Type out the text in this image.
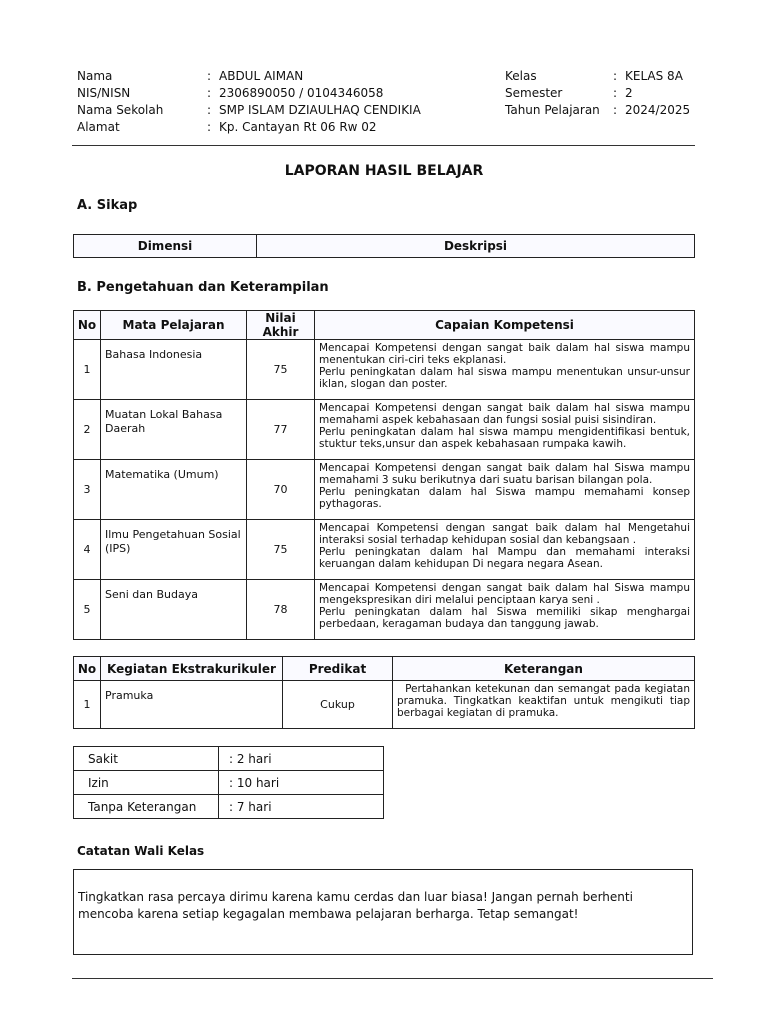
Nama	: ABDUL AIMAN
NIS/NISN	: 2306890050 / 0104346058
Nama Sekolah	: SMP ISLAM DZIAULHAQ CENDIKIA
Alamat	: Kp. Cantayan Rt 06 Rw 02
Kelas	: KELAS 8A
Semester	: 2
Tahun Pelajaran : 2024/2025
LAPORAN HASIL BELAJAR
A. Sikap
Dimensi	Deskripsi
B. Pengetahuan dan Keterampilan
No	Mata Pelajaran	Nilai Akhir	Capaian Kompetensi
1	Bahasa Indonesia	75	Mencapai Kompetensi dengan sangat baik dalam hal siswa mampu menentukan ciri-ciri teks ekplanasi.
Perlu peningkatan dalam hal siswa mampu menentukan unsur-unsur iklan, slogan dan poster.
2	Muatan Lokal Bahasa Daerah	77	Mencapai Kompetensi dengan sangat baik dalam hal siswa mampu memahami aspek kebahasaan dan fungsi sosial puisi sisindiran.
Perlu peningkatan dalam hal siswa mampu mengidentifikasi bentuk, stuktur teks,unsur dan aspek kebahasaan rumpaka kawih.
3	Matematika (Umum)	70	Mencapai Kompetensi dengan sangat baik dalam hal Siswa mampu memahami 3 suku berikutnya dari suatu barisan bilangan pola.
Perlu peningkatan dalam hal Siswa mampu memahami konsep pythagoras.
4	Ilmu Pengetahuan Sosial (IPS)	75	Mencapai Kompetensi dengan sangat baik dalam hal Mengetahui interaksi sosial terhadap kehidupan sosial dan kebangsaan .
Perlu peningkatan dalam hal Mampu dan memahami interaksi keruangan dalam kehidupan Di negara negara Asean.
5	Seni dan Budaya	78	Mencapai Kompetensi dengan sangat baik dalam hal Siswa mampu mengekspresikan diri melalui penciptaan karya seni .
Perlu peningkatan dalam hal Siswa memiliki sikap menghargai perbedaan, keragaman budaya dan tanggung jawab.
No	Kegiatan Ekstrakurikuler	Predikat	Keterangan
1	Pramuka	Cukup	Pertahankan ketekunan dan semangat pada kegiatan pramuka. Tingkatkan keaktifan untuk mengikuti tiap berbagai kegiatan di pramuka.
Sakit	: 2 hari
Izin	: 10 hari
Tanpa Keterangan	: 7 hari
Catatan Wali Kelas
Tingkatkan rasa percaya dirimu karena kamu cerdas dan luar biasa! Jangan pernah berhenti mencoba karena setiap kegagalan membawa pelajaran berharga. Tetap semangat!
